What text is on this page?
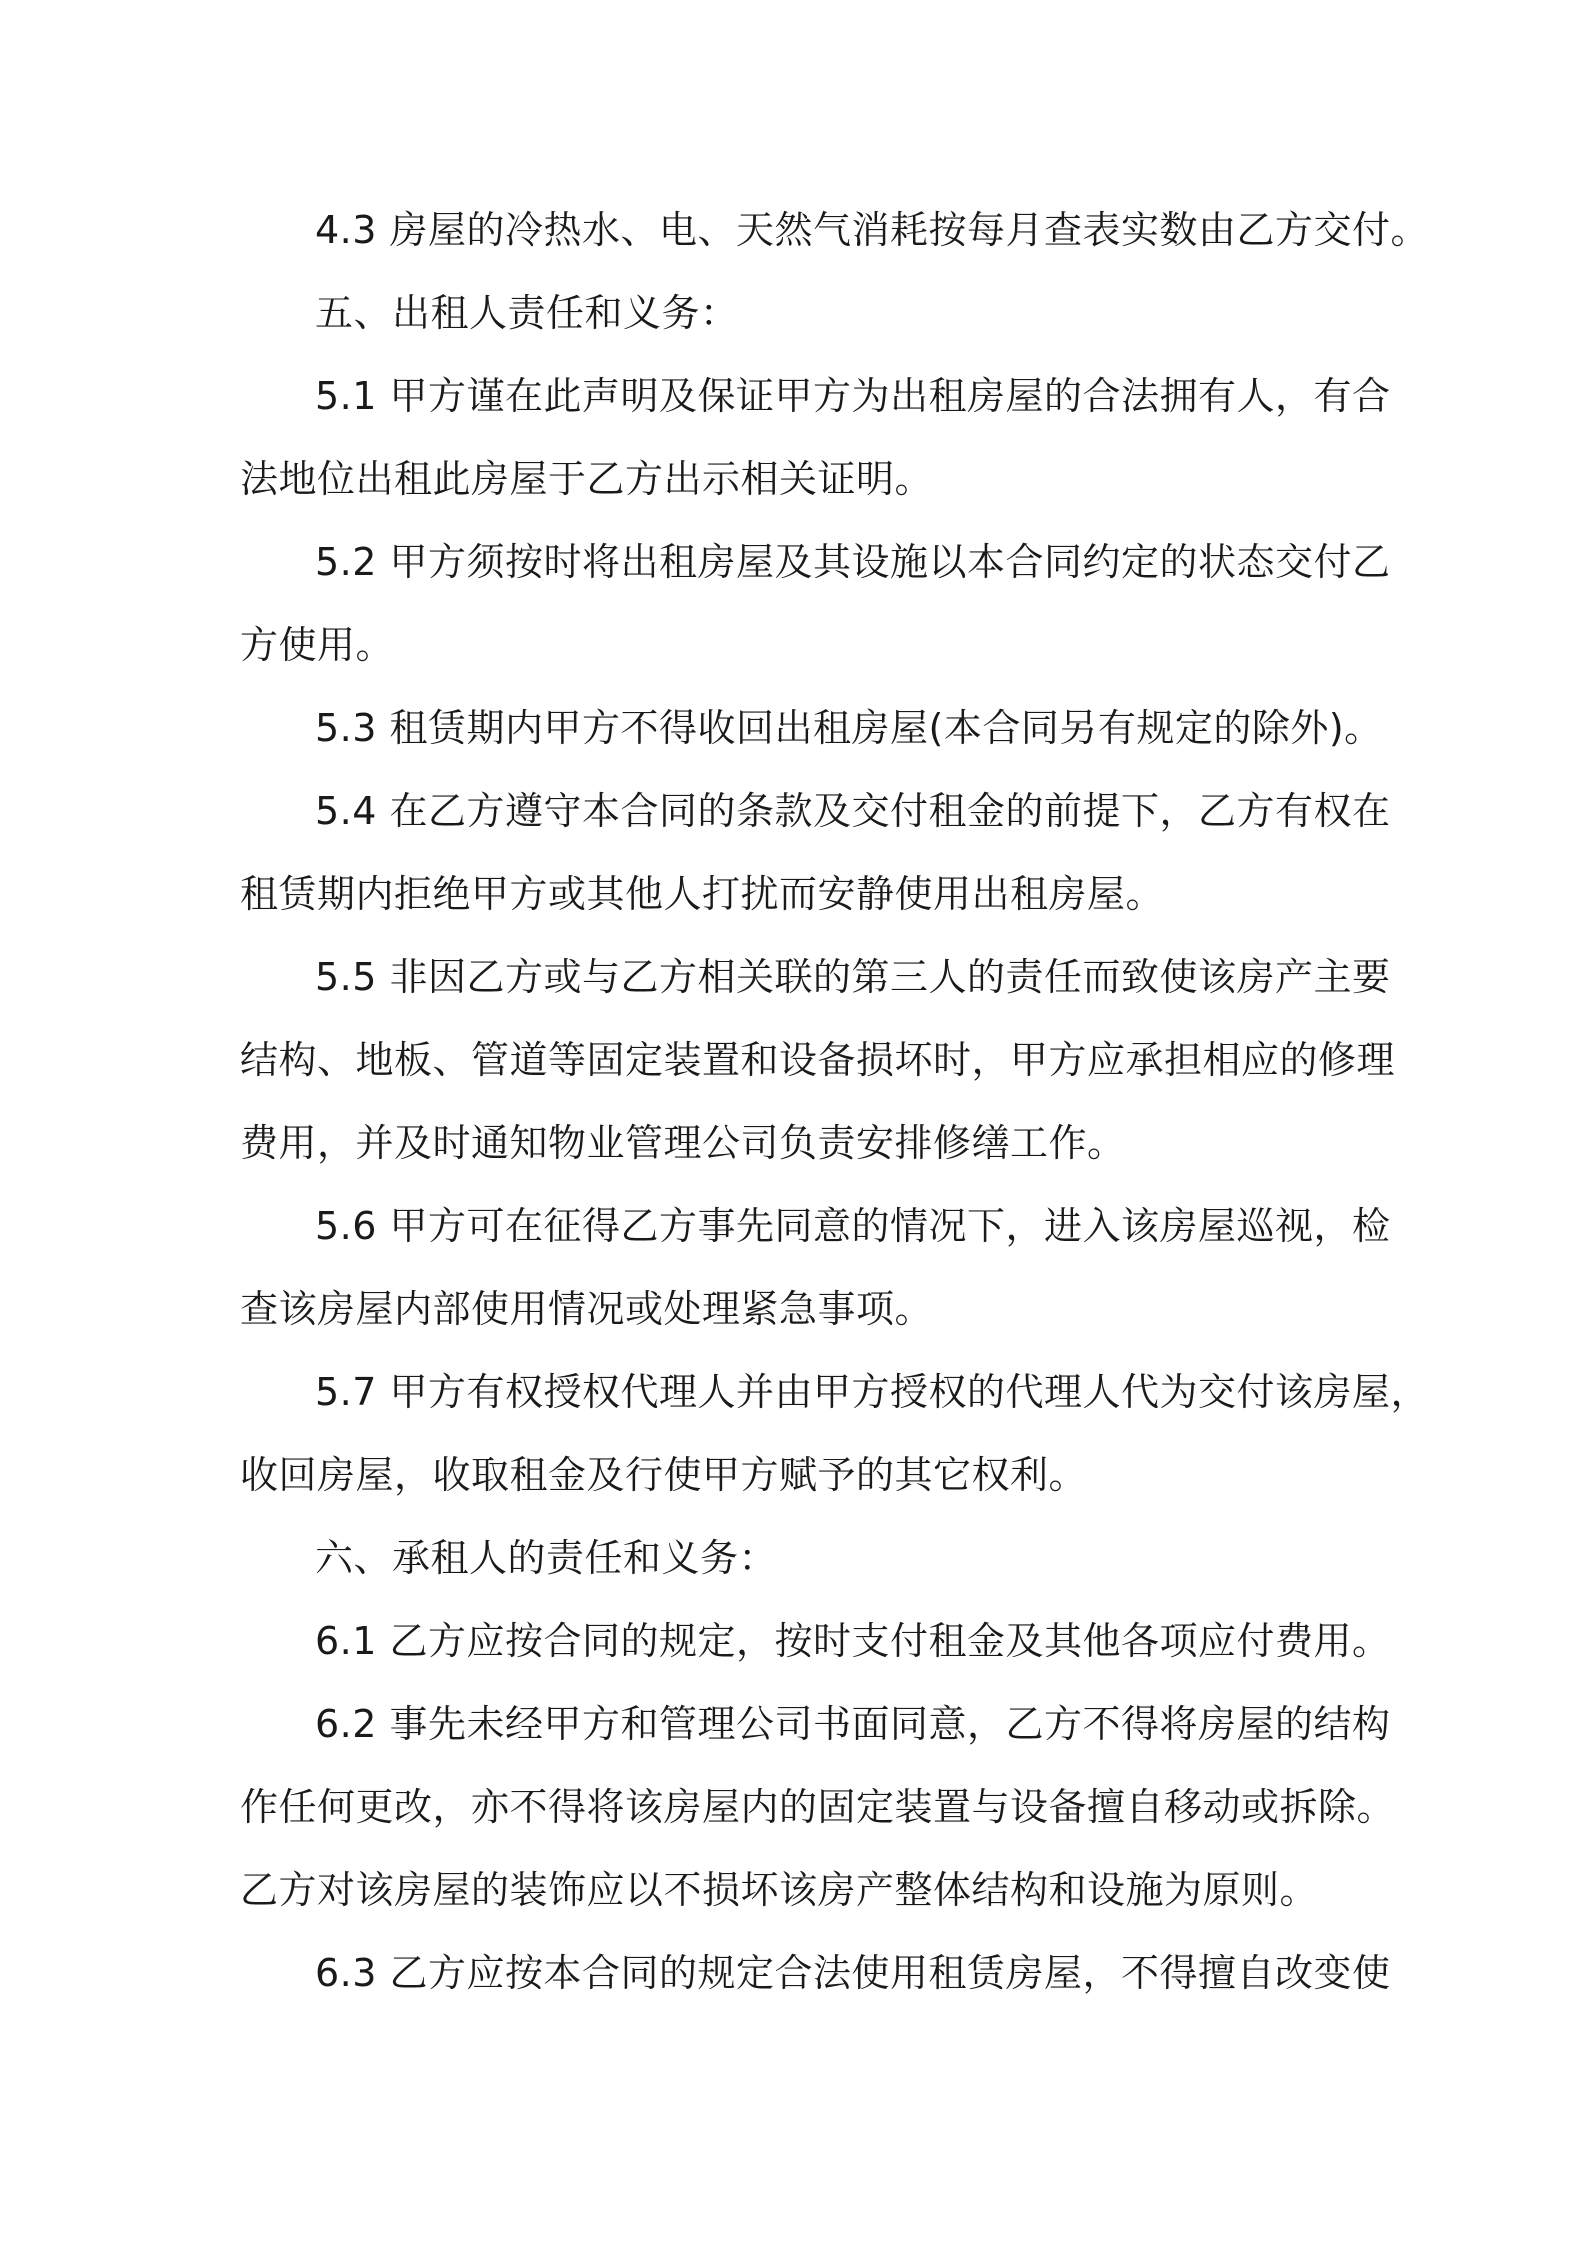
4.3 房屋的冷热水、电、天然气消耗按每月查表实数由乙方交付。
五、出租人责任和义务：
5.1 甲方谨在此声明及保证甲方为出租房屋的合法拥有人，有合
法地位出租此房屋于乙方出示相关证明。
5.2 甲方须按时将出租房屋及其设施以本合同约定的状态交付乙
方使用。
5.3 租赁期内甲方不得收回出租房屋(本合同另有规定的除外)。
5.4 在乙方遵守本合同的条款及交付租金的前提下，乙方有权在
租赁期内拒绝甲方或其他人打扰而安静使用出租房屋。
5.5 非因乙方或与乙方相关联的第三人的责任而致使该房产主要
结构、地板、管道等固定装置和设备损坏时，甲方应承担相应的修理
费用，并及时通知物业管理公司负责安排修缮工作。
5.6 甲方可在征得乙方事先同意的情况下，进入该房屋巡视，检
查该房屋内部使用情况或处理紧急事项。
5.7 甲方有权授权代理人并由甲方授权的代理人代为交付该房屋，
收回房屋，收取租金及行使甲方赋予的其它权利。
六、承租人的责任和义务：
6.1 乙方应按合同的规定，按时支付租金及其他各项应付费用。
6.2 事先未经甲方和管理公司书面同意，乙方不得将房屋的结构
作任何更改，亦不得将该房屋内的固定装置与设备擅自移动或拆除。
乙方对该房屋的装饰应以不损坏该房产整体结构和设施为原则。
6.3 乙方应按本合同的规定合法使用租赁房屋，不得擅自改变使
